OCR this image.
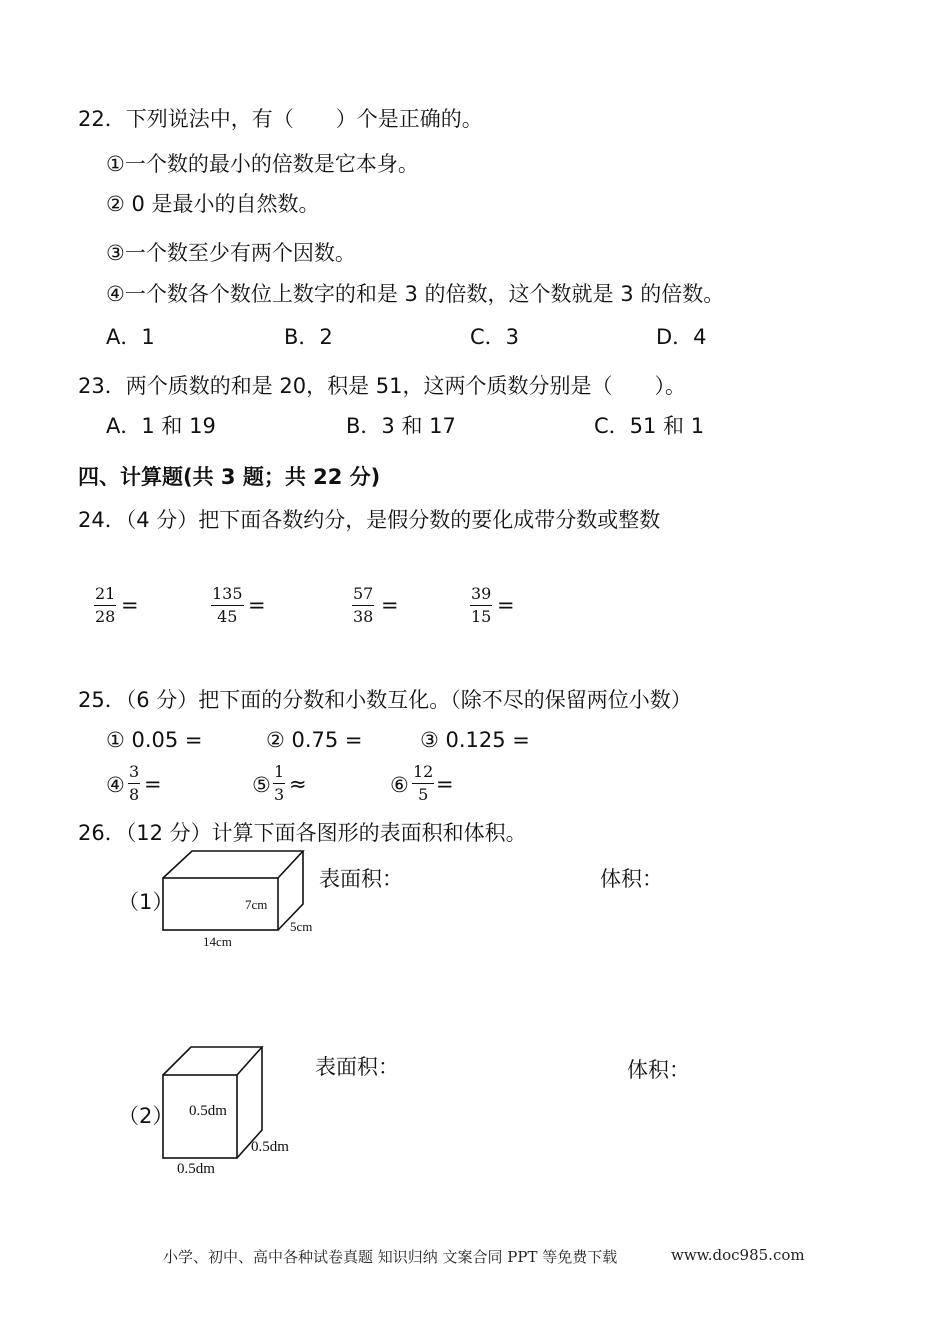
22．下列说法中，有（　　）个是正确的。
①一个数的最小的倍数是它本身。
② 0 是最小的自然数。
③一个数至少有两个因数。
④一个数各个数位上数字的和是 3 的倍数，这个数就是 3 的倍数。
A．1	B．2	C．3	D．4
23．两个质数的和是 20，积是 51，这两个质数分别是（　　）。
A．1 和 19	B．3 和 17	C．51 和 1
四、计算题(共 3 题；共 22 分)
24．（4 分）把下面各数约分，是假分数的要化成带分数或整数
$\frac{21}{28}$ =	$\frac{135}{45}$ =	$\frac{57}{38}$ =	$\frac{39}{15}$ =
25．（6 分）把下面的分数和小数互化。（除不尽的保留两位小数）
① 0.05 =	② 0.75 =	③ 0.125 =
④ $\frac{3}{8}$ =	⑤ $\frac{1}{3}$ ≈	⑥ $\frac{12}{5}$ =
26．（12 分）计算下面各图形的表面积和体积。
（1）	7cm
5cm
14cm
表面积：	体积：
（2） 0.5dm
0.5dm
0.5dm
表面积：	体积：
小学、初中、高中各种试卷真题 知识归纳 文案合同 PPT 等免费下载	www.doc985.com
